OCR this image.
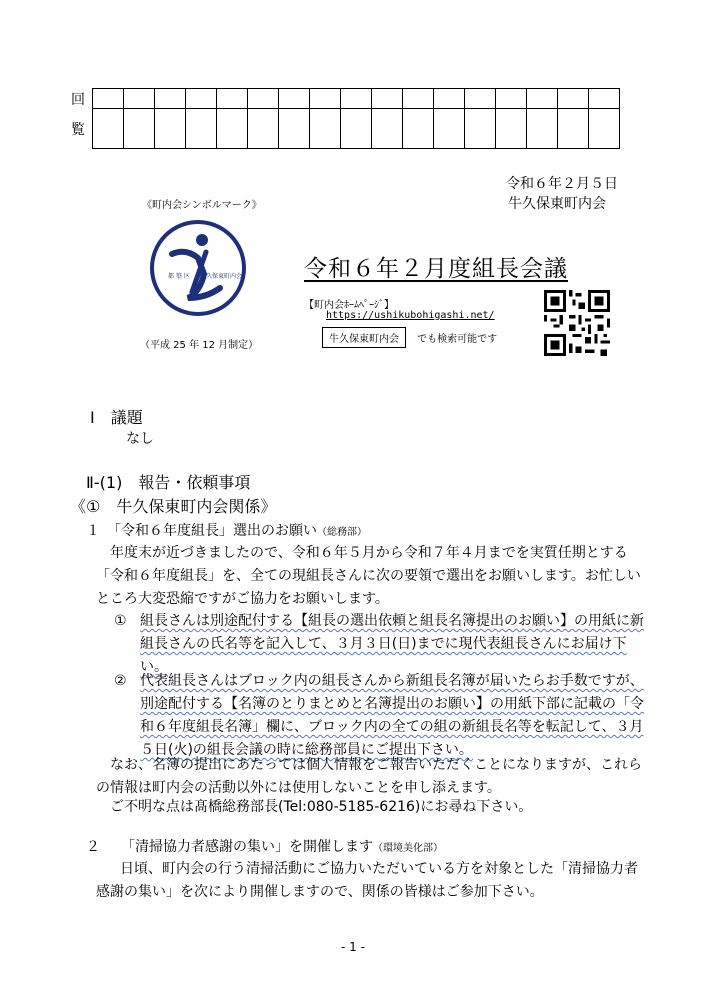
回																	
覧																	
令和６年２月５日
牛久保東町内会
《町内会シンボルマーク》
都 築 区	久保東町内会
（平成 25 年 12 月制定）
令和６年２月度組長会議
【町内会ﾎｰﾑﾍﾟｰｼﾞ】
https://ushikubohigashi.net/
牛久保東町内会 でも検索可能です
Ⅰ　議題
なし
Ⅱ-(1)　報告・依頼事項
《①　牛久保東町内会関係》
１　「令和６年度組長」選出のお願い（総務部）
年度末が近づきましたので、令和６年５月から令和７年４月までを実質任期とする「令和６年度組長」を、全ての現組長さんに次の要領で選出をお願いします。お忙しいところ大変恐縮ですがご協力をお願いします。
① 組長さんは別途配付する【組長の選出依頼と組長名簿提出のお願い】の用紙に新組長さんの氏名等を記入して、３月３日(日)までに現代表組長さんにお届け下い。
② 代表組長さんはブロック内の組長さんから新組長名簿が届いたらお手数ですが、別途配付する【名簿のとりまとめと名簿提出のお願い】の用紙下部に記載の「令和６年度組長名簿」欄に、ブロック内の全ての組の新組長名等を転記して、３月５日(火)の組長会議の時に総務部員にご提出下さい。
なお、名簿の提出にあたっては個人情報をご報告いただくことになりますが、これらの情報は町内会の活動以外には使用しないことを申し添えます。
ご不明な点は髙橋総務部長(Tel:080-5185-6216)にお尋ね下さい。
２　　「清掃協力者感謝の集い」を開催します（環境美化部）
日頃、町内会の行う清掃活動にご協力いただいている方を対象とした「清掃協力者感謝の集い」を次により開催しますので、関係の皆様はご参加下さい。
- 1 -
